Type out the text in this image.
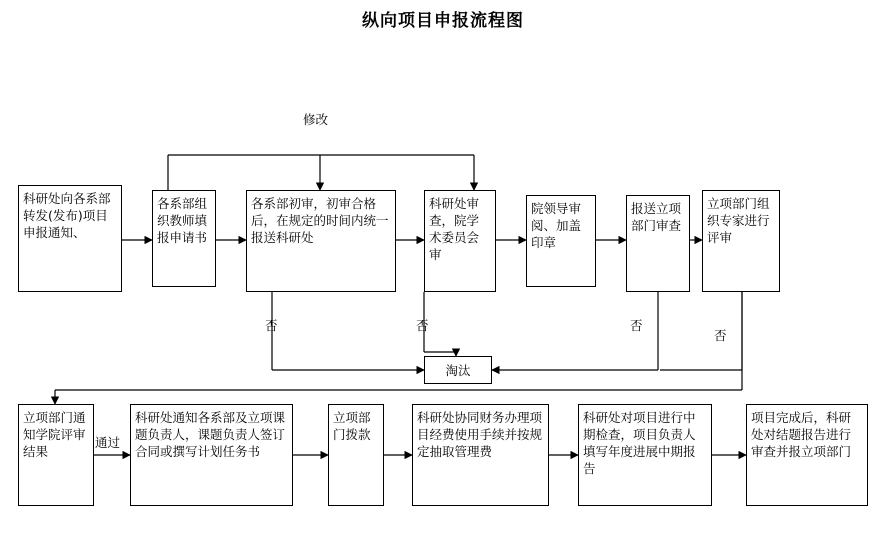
纵向项目申报流程图
科研处向各系部转发(发布)项目申报通知、
各系部组织教师填报申请书
各系部初审，初审合格后，在规定的时间内统一报送科研处
科研处审查，院学术委员会审
院领导审阅、加盖印章
报送立项部门审查
立项部门组织专家进行评审
淘汰
立项部门通知学院评审结果
科研处通知各系部及立项课题负责人，课题负责人签订合同或撰写计划任务书
立项部门拨款
科研处协同财务办理项目经费使用手续并按规定抽取管理费
科研处对项目进行中期检查，项目负责人填写年度进展中期报告
项目完成后，科研处对结题报告进行审查并报立项部门
修改
否	否	否
否
通过
